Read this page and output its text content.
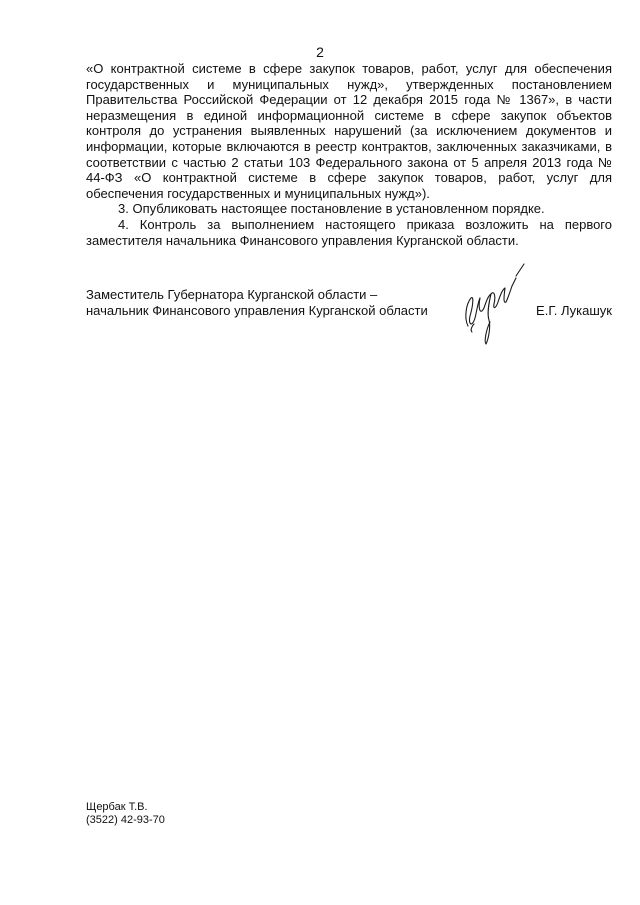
2

«О контрактной системе в сфере закупок товаров, работ, услуг для обеспечения государственных и муниципальных нужд», утвержденных постановлением Правительства Российской Федерации от 12 декабря 2015 года № 1367», в части неразмещения в единой информационной системе в сфере закупок объектов контроля до устранения выявленных нарушений (за исключением документов и информации, которые включаются в реестр контрактов, заключенных заказчиками, в соответствии с частью 2 статьи 103 Федерального закона от 5 апреля 2013 года № 44-ФЗ «О контрактной системе в сфере закупок товаров, работ, услуг для обеспечения государственных и муниципальных нужд»).

3. Опубликовать настоящее постановление в установленном порядке.

4. Контроль за выполнением настоящего приказа возложить на первого заместителя начальника Финансового управления Курганской области.

Заместитель Губернатора Курганской области –
начальник Финансового управления Курганской области	Е.Г. Лукашук
Щербак Т.В.
(3522) 42-93-70
